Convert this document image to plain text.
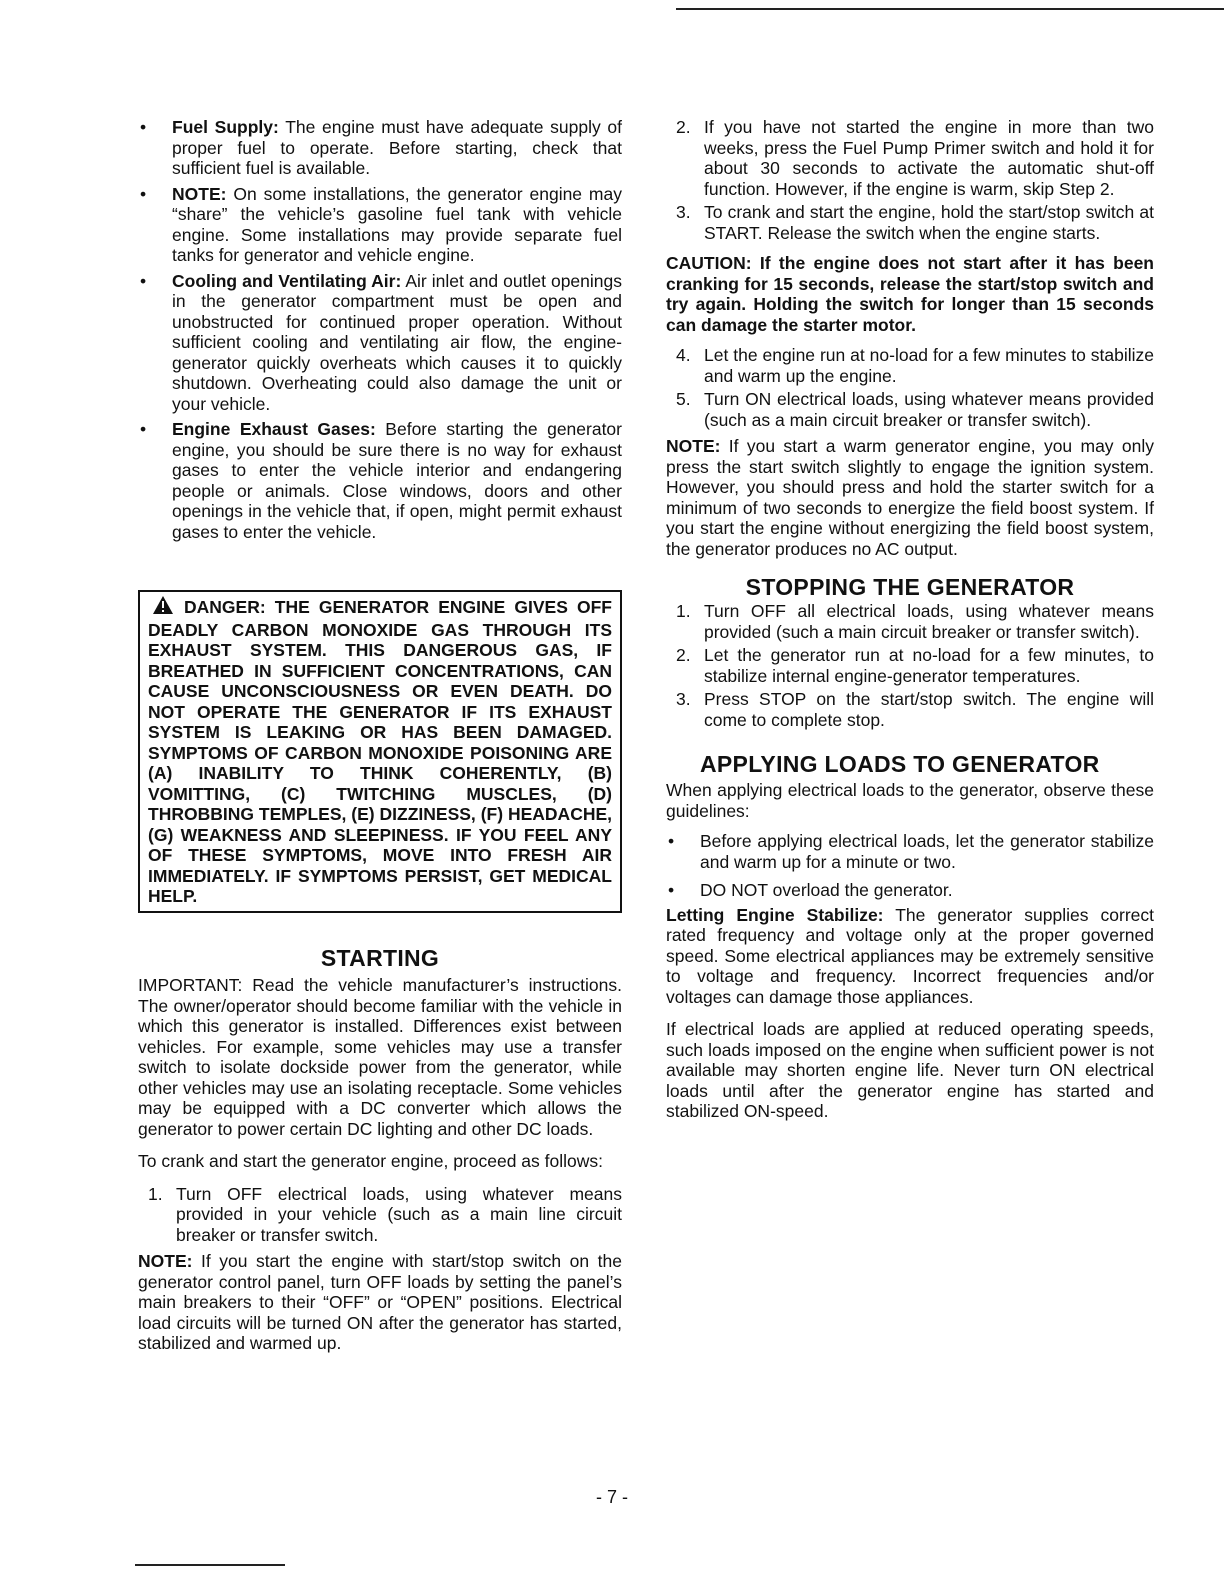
• Fuel Supply: The engine must have adequate supply of proper fuel to operate. Before starting, check that sufficient fuel is available.
• NOTE: On some installations, the generator engine may “share” the vehicle’s gasoline fuel tank with vehicle engine. Some installations may provide separate fuel tanks for generator and vehicle engine.
• Cooling and Ventilating Air: Air inlet and outlet openings in the generator compartment must be open and unobstructed for continued proper operation. Without sufficient cooling and ventilating air flow, the engine-generator quickly overheats which causes it to quickly shutdown. Overheating could also damage the unit or your vehicle.
• Engine Exhaust Gases: Before starting the generator engine, you should be sure there is no way for exhaust gases to enter the vehicle interior and endangering people or animals. Close windows, doors and other openings in the vehicle that, if open, might permit exhaust gases to enter the vehicle.
DANGER: THE GENERATOR ENGINE GIVES OFF DEADLY CARBON MONOXIDE GAS THROUGH ITS EXHAUST SYSTEM. THIS DANGEROUS GAS, IF BREATHED IN SUFFICIENT CONCENTRATIONS, CAN CAUSE UNCONSCIOUSNESS OR EVEN DEATH. DO NOT OPERATE THE GENERATOR IF ITS EXHAUST SYSTEM IS LEAKING OR HAS BEEN DAMAGED. SYMPTOMS OF CARBON MONOXIDE POISONING ARE (A) INABILITY TO THINK COHERENTLY, (B) VOMITTING, (C) TWITCHING MUSCLES, (D) THROBBING TEMPLES, (E) DIZZINESS, (F) HEADACHE, (G) WEAKNESS AND SLEEPINESS. IF YOU FEEL ANY OF THESE SYMPTOMS, MOVE INTO FRESH AIR IMMEDIATELY. IF SYMPTOMS PERSIST, GET MEDICAL HELP.
STARTING

IMPORTANT: Read the vehicle manufacturer’s instructions. The owner/operator should become familiar with the vehicle in which this generator is installed. Differences exist between vehicles. For example, some vehicles may use a transfer switch to isolate dockside power from the generator, while other vehicles may use an isolating receptacle. Some vehicles may be equipped with a DC converter which allows the generator to power certain DC lighting and other DC loads.

To crank and start the generator engine, proceed as follows:

1. Turn OFF electrical loads, using whatever means provided in your vehicle (such as a main line circuit breaker or transfer switch.

NOTE: If you start the engine with start/stop switch on the generator control panel, turn OFF loads by setting the panel’s main breakers to their “OFF” or “OPEN” positions. Electrical load circuits will be turned ON after the generator has started, stabilized and warmed up.

2. If you have not started the engine in more than two weeks, press the Fuel Pump Primer switch and hold it for about 30 seconds to activate the automatic shut-off function. However, if the engine is warm, skip Step 2.
3. To crank and start the engine, hold the start/stop switch at START. Release the switch when the engine starts.

CAUTION: If the engine does not start after it has been cranking for 15 seconds, release the start/stop switch and try again. Holding the switch for longer than 15 seconds can damage the starter motor.

4. Let the engine run at no-load for a few minutes to stabilize and warm up the engine.
5. Turn ON electrical loads, using whatever means provided (such as a main circuit breaker or transfer switch).

NOTE: If you start a warm generator engine, you may only press the start switch slightly to engage the ignition system. However, you should press and hold the starter switch for a minimum of two seconds to energize the field boost system. If you start the engine without energizing the field boost system, the generator produces no AC output.

STOPPING THE GENERATOR
1. Turn OFF all electrical loads, using whatever means provided (such a main circuit breaker or transfer switch).
2. Let the generator run at no-load for a few minutes, to stabilize internal engine-generator temperatures.
3. Press STOP on the start/stop switch. The engine will come to complete stop.
APPLYING LOADS TO GENERATOR

When applying electrical loads to the generator, observe these guidelines:

• Before applying electrical loads, let the generator stabilize and warm up for a minute or two.
• DO NOT overload the generator.

Letting Engine Stabilize: The generator supplies correct rated frequency and voltage only at the proper governed speed. Some electrical appliances may be extremely sensitive to voltage and frequency. Incorrect frequencies and/or voltages can damage those appliances.

If electrical loads are applied at reduced operating speeds, such loads imposed on the engine when sufficient power is not available may shorten engine life. Never turn ON electrical loads until after the generator engine has started and stabilized ON-speed.

- 7 -
